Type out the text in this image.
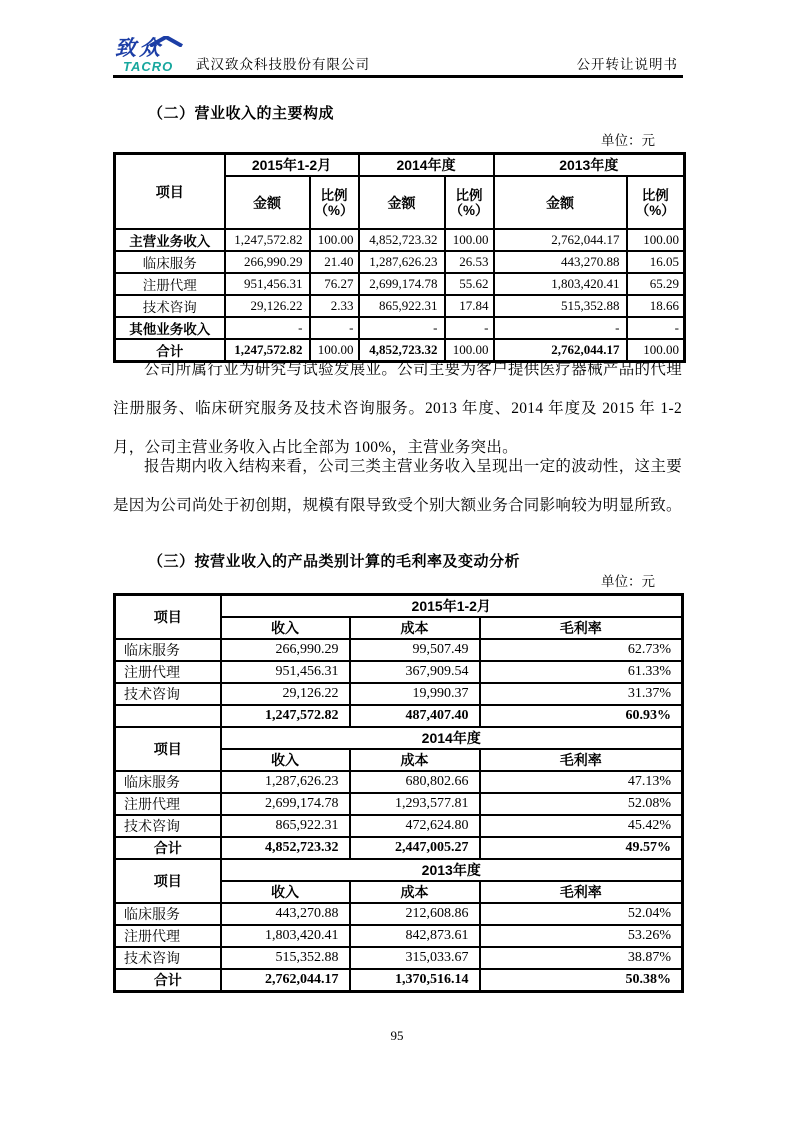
致众
TACRO 武汉致众科技股份有限公司	公开转让说明书
（二）营业收入的主要构成
单位：元
项目	2015年1-2月		2014年度		2013年度	
	金额	比例（%）	金额	比例（%）	金额	比例（%）
主营业务收入	1,247,572.82	100.00	4,852,723.32	100.00	2,762,044.17	100.00
临床服务	266,990.29	21.40	1,287,626.23	26.53	443,270.88	16.05
注册代理	951,456.31	76.27	2,699,174.78	55.62	1,803,420.41	65.29
技术咨询	29,126.22	2.33	865,922.31	17.84	515,352.88	18.66
其他业务收入	-	-	-	-	-	-
合计	1,247,572.82	100.00	4,852,723.32	100.00	2,762,044.17	100.00
公司所属行业为研究与试验发展业。公司主要为客户提供医疗器械产品的代理注册服务、临床研究服务及技术咨询服务。2013 年度、2014 年度及 2015 年 1-2 月，公司主营业务收入占比全部为 100%，主营业务突出。
报告期内收入结构来看，公司三类主营业务收入呈现出一定的波动性，这主要是因为公司尚处于初创期，规模有限导致受个别大额业务合同影响较为明显所致。
（三）按营业收入的产品类别计算的毛利率及变动分析
单位：元
项目	2015年1-2月		
	收入	成本	毛利率
临床服务	266,990.29	99,507.49	62.73%
注册代理	951,456.31	367,909.54	61.33%
技术咨询	29,126.22	19,990.37	31.37%
	1,247,572.82	487,407.40	60.93%
项目	2014年度		
	收入	成本	毛利率
临床服务	1,287,626.23	680,802.66	47.13%
注册代理	2,699,174.78	1,293,577.81	52.08%
技术咨询	865,922.31	472,624.80	45.42%
合计	4,852,723.32	2,447,005.27	49.57%
项目	2013年度		
	收入	成本	毛利率
临床服务	443,270.88	212,608.86	52.04%
注册代理	1,803,420.41	842,873.61	53.26%
技术咨询	515,352.88	315,033.67	38.87%
合计	2,762,044.17	1,370,516.14	50.38%
95
